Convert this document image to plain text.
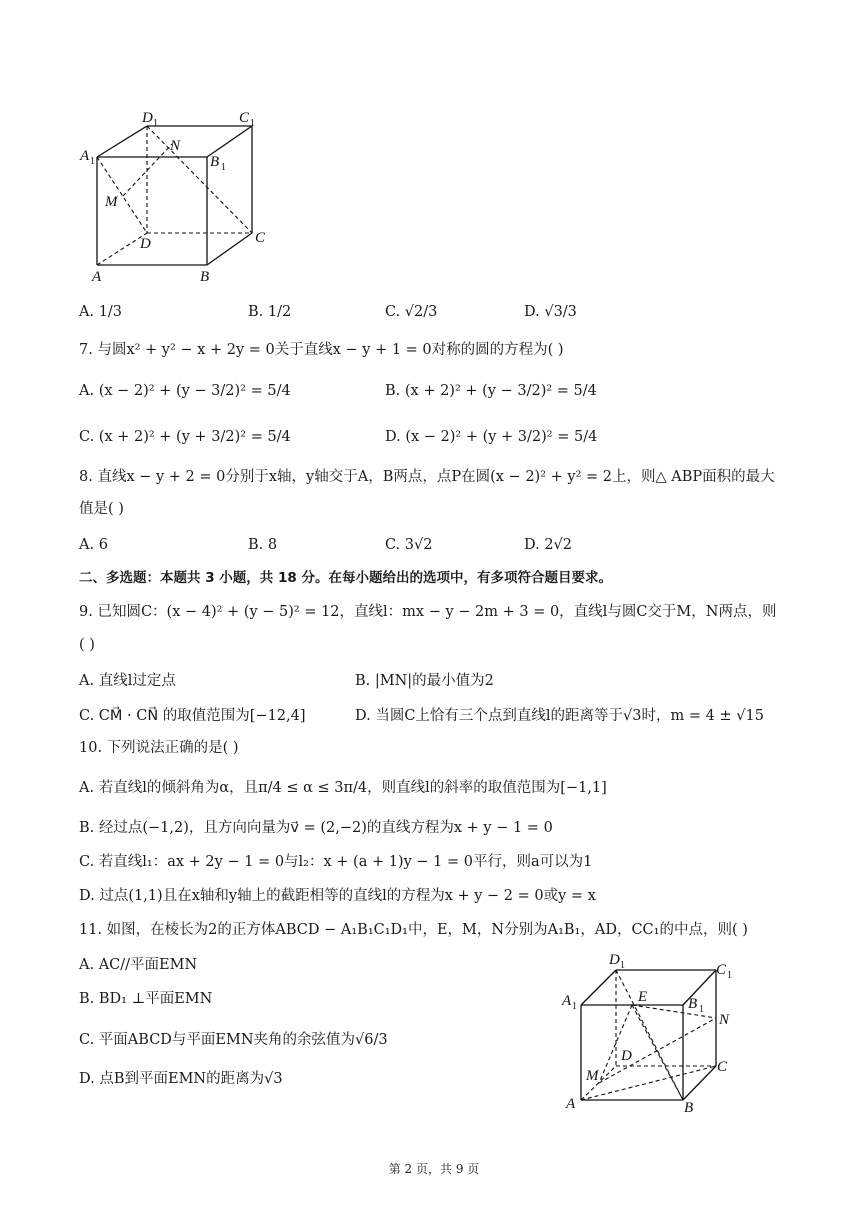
D 1	C 1
A 1
N
B 1
M
D	C
A	B
A. 1/3	B. 1/2	C. √2/3	D. √3/3
7. 与圆x² + y² − x + 2y = 0关于直线x − y + 1 = 0对称的圆的方程为( )
A. (x − 2)² + (y − 3/2)² = 5/4	B. (x + 2)² + (y − 3/2)² = 5/4
C. (x + 2)² + (y + 3/2)² = 5/4	D. (x − 2)² + (y + 3/2)² = 5/4
8. 直线x − y + 2 = 0分别于x轴，y轴交于A，B两点，点P在圆(x − 2)² + y² = 2上，则△ ABP面积的最大
值是( )
A. 6	B. 8	C. 3√2	D. 2√2
二、多选题：本题共 3 小题，共 18 分。在每小题给出的选项中，有多项符合题目要求。
9. 已知圆C：(x − 4)² + (y − 5)² = 12，直线l：mx − y − 2m + 3 = 0，直线l与圆C交于M，N两点，则
( )
A. 直线l过定点	B. |MN|的最小值为2
C. CM⃗ · CN⃗ 的取值范围为[−12,4]	D. 当圆C上恰有三个点到直线l的距离等于√3时，m = 4 ± √15
10. 下列说法正确的是( )
A. 若直线l的倾斜角为α，且π/4 ≤ α ≤ 3π/4，则直线l的斜率的取值范围为[−1,1]
B. 经过点(−1,2)，且方向向量为v⃗ = (2,−2)的直线方程为x + y − 1 = 0
C. 若直线l₁：ax + 2y − 1 = 0与l₂：x + (a + 1)y − 1 = 0平行，则a可以为1
D. 过点(1,1)且在x轴和y轴上的截距相等的直线l的方程为x + y − 2 = 0或y = x
11. 如图，在棱长为2的正方体ABCD − A₁B₁C₁D₁中，E，M，N分别为A₁B₁，AD，CC₁的中点，则( )
A. AC//平面EMN
B. BD₁ ⊥平面EMN
C. 平面ABCD与平面EMN夹角的余弦值为√6/3
D. 点B到平面EMN的距离为√3
D 1	C 1
A 1
E	B 1
N
D
C
M
A	B
第 2 页，共 9 页
